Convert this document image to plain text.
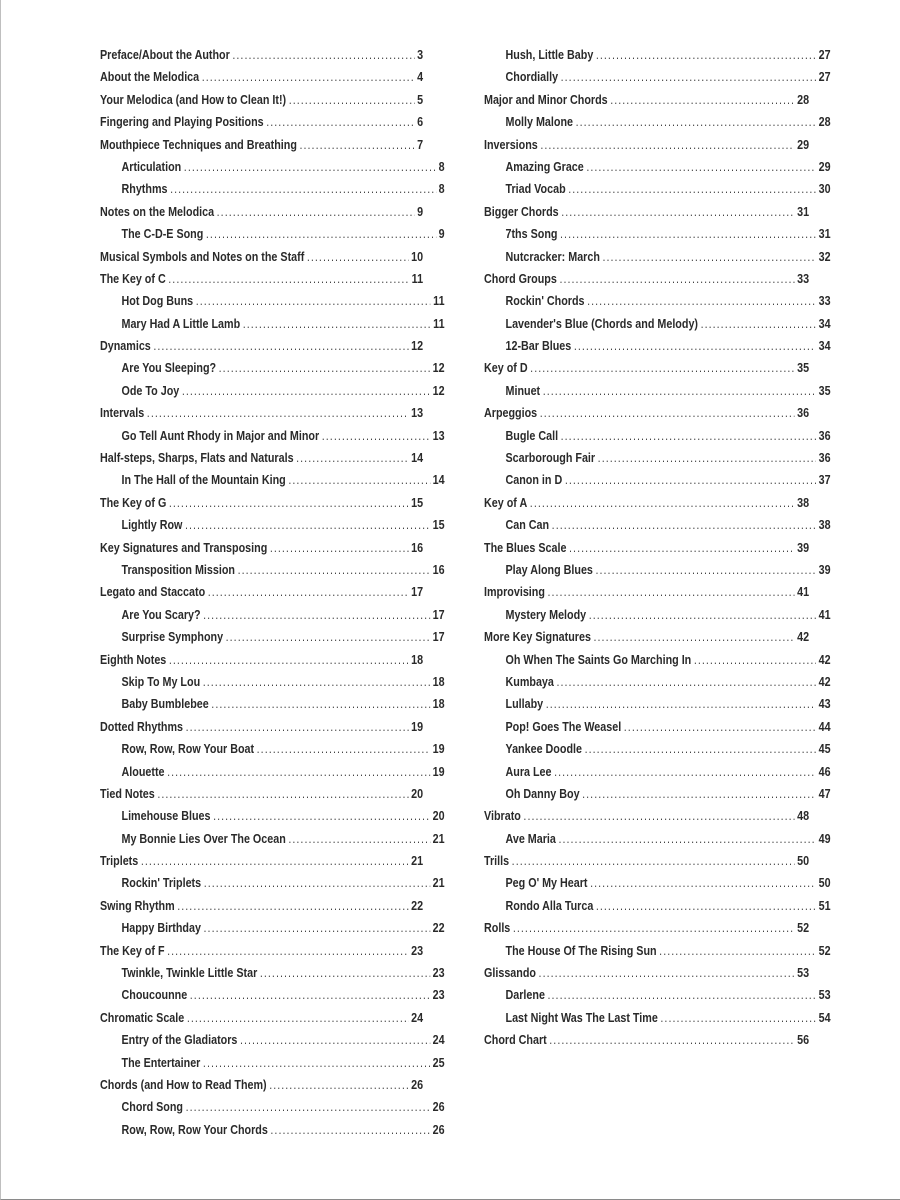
Preface/About the Author .....	3
About the Melodica .....	4
Your Melodica (and How to Clean It!) .....	5
Fingering and Playing Positions .....	6
Mouthpiece Techniques and Breathing .....	7
Articulation .....	8
Rhythms .....	8
Notes on the Melodica .....	9
The C-D-E Song .....	9
Musical Symbols and Notes on the Staff .....	10
The Key of C .....	11
Hot Dog Buns .....	11
Mary Had A Little Lamb .....	11
Dynamics .....	12
Are You Sleeping? .....	12
Ode To Joy .....	12
Intervals .....	13
Go Tell Aunt Rhody in Major and Minor .....	13
Half-steps, Sharps, Flats and Naturals .....	14
In The Hall of the Mountain King .....	14
The Key of G .....	15
Lightly Row .....	15
Key Signatures and Transposing .....	16
Transposition Mission .....	16
Legato and Staccato .....	17
Are You Scary? .....	17
Surprise Symphony .....	17
Eighth Notes .....	18
Skip To My Lou .....	18
Baby Bumblebee .....	18
Dotted Rhythms .....	19
Row, Row, Row Your Boat .....	19
Alouette .....	19
Tied Notes .....	20
Limehouse Blues .....	20
My Bonnie Lies Over The Ocean .....	21
Triplets .....	21
Rockin' Triplets .....	21
Swing Rhythm .....	22
Happy Birthday .....	22
The Key of F .....	23
Twinkle, Twinkle Little Star .....	23
Choucounne .....	23
Chromatic Scale .....	24
Entry of the Gladiators .....	24
The Entertainer .....	25
Chords (and How to Read Them) .....	26
Chord Song .....	26
Row, Row, Row Your Chords .....	26
Hush, Little Baby .....	27
Chordially .....	27
Major and Minor Chords .....	28
Molly Malone .....	28
Inversions .....	29
Amazing Grace .....	29
Triad Vocab .....	30
Bigger Chords .....	31
7ths Song .....	31
Nutcracker: March .....	32
Chord Groups .....	33
Rockin' Chords .....	33
Lavender's Blue (Chords and Melody) .....	34
12-Bar Blues .....	34
Key of D .....	35
Minuet .....	35
Arpeggios .....	36
Bugle Call .....	36
Scarborough Fair .....	36
Canon in D .....	37
Key of A .....	38
Can Can .....	38
The Blues Scale .....	39
Play Along Blues .....	39
Improvising .....	41
Mystery Melody .....	41
More Key Signatures .....	42
Oh When The Saints Go Marching In .....	42
Kumbaya .....	42
Lullaby .....	43
Pop! Goes The Weasel .....	44
Yankee Doodle .....	45
Aura Lee .....	46
Oh Danny Boy .....	47
Vibrato .....	48
Ave Maria .....	49
Trills .....	50
Peg O' My Heart .....	50
Rondo Alla Turca .....	51
Rolls .....	52
The House Of The Rising Sun .....	52
Glissando .....	53
Darlene .....	53
Last Night Was The Last Time .....	54
Chord Chart .....	56
